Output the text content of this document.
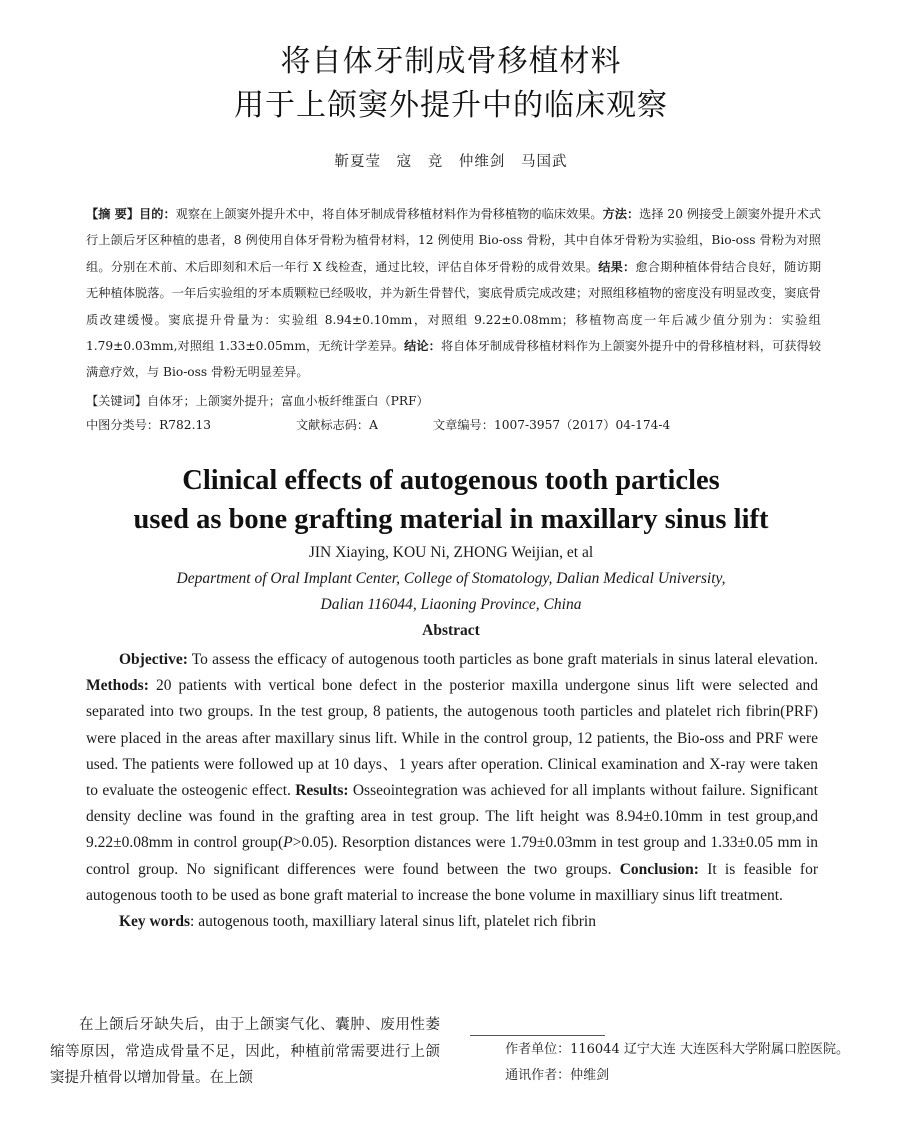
将自体牙制成骨移植材料
用于上颌窦外提升中的临床观察
靳夏莹 寇 竞 仲维剑 马国武
【摘 要】目的：观察在上颌窦外提升术中，将自体牙制成骨移植材料作为骨移植物的临床效果。方法：选择 20 例接受上颌窦外提升术式行上颌后牙区种植的患者，8 例使用自体牙骨粉为植骨材料，12 例使用 Bio-oss 骨粉，其中自体牙骨粉为实验组，Bio-oss 骨粉为对照组。分别在术前、术后即刻和术后一年行 X 线检查，通过比较，评估自体牙骨粉的成骨效果。结果：愈合期种植体骨结合良好，随访期无种植体脱落。一年后实验组的牙本质颗粒已经吸收，并为新生骨替代，窦底骨质完成改建；对照组移植物的密度没有明显改变，窦底骨质改建缓慢。窦底提升骨量为：实验组 8.94±0.10mm，对照组 9.22±0.08mm；移植物高度一年后减少值分别为：实验组 1.79±0.03mm,对照组 1.33±0.05mm，无统计学差异。结论：将自体牙制成骨移植材料作为上颌窦外提升中的骨移植材料，可获得较满意疗效，与 Bio-oss 骨粉无明显差异。
【关键词】自体牙；上颌窦外提升；富血小板纤维蛋白（PRF）
中图分类号：R782.13	文献标志码：A	文章编号：1007-3957（2017）04-174-4
Clinical effects of autogenous tooth particles
used as bone grafting material in maxillary sinus lift
JIN Xiaying, KOU Ni, ZHONG Weijian, et al
Department of Oral Implant Center, College of Stomatology, Dalian Medical University,
Dalian 116044, Liaoning Province, China
Abstract

Objective: To assess the efficacy of autogenous tooth particles as bone graft materials in sinus lateral elevation. Methods: 20 patients with vertical bone defect in the posterior maxilla undergone sinus lift were selected and separated into two groups. In the test group, 8 patients, the autogenous tooth particles and platelet rich fibrin(PRF) were placed in the areas after maxillary sinus lift. While in the control group, 12 patients, the Bio-oss and PRF were used. The patients were followed up at 10 days、1 years after operation. Clinical examination and X-ray were taken to evaluate the osteogenic effect. Results: Osseointegration was achieved for all implants without failure. Significant density decline was found in the grafting area in test group. The lift height was 8.94±0.10mm in test group,and 9.22±0.08mm in control group(P>0.05). Resorption distances were 1.79±0.03mm in test group and 1.33±0.05 mm in control group. No significant differences were found between the two groups. Conclusion: It is feasible for autogenous tooth to be used as bone graft material to increase the bone volume in maxilliary sinus lift treatment.

Key words: autogenous tooth, maxilliary lateral sinus lift, platelet rich fibrin

在上颌后牙缺失后，由于上颌窦气化、囊肿、废用性萎缩等原因，常造成骨量不足，因此，种植前常需要进行上颌窦提升植骨以增加骨量。在上颌

作者单位：116044 辽宁大连 大连医科大学附属口腔医院。

通讯作者：仲维剑
